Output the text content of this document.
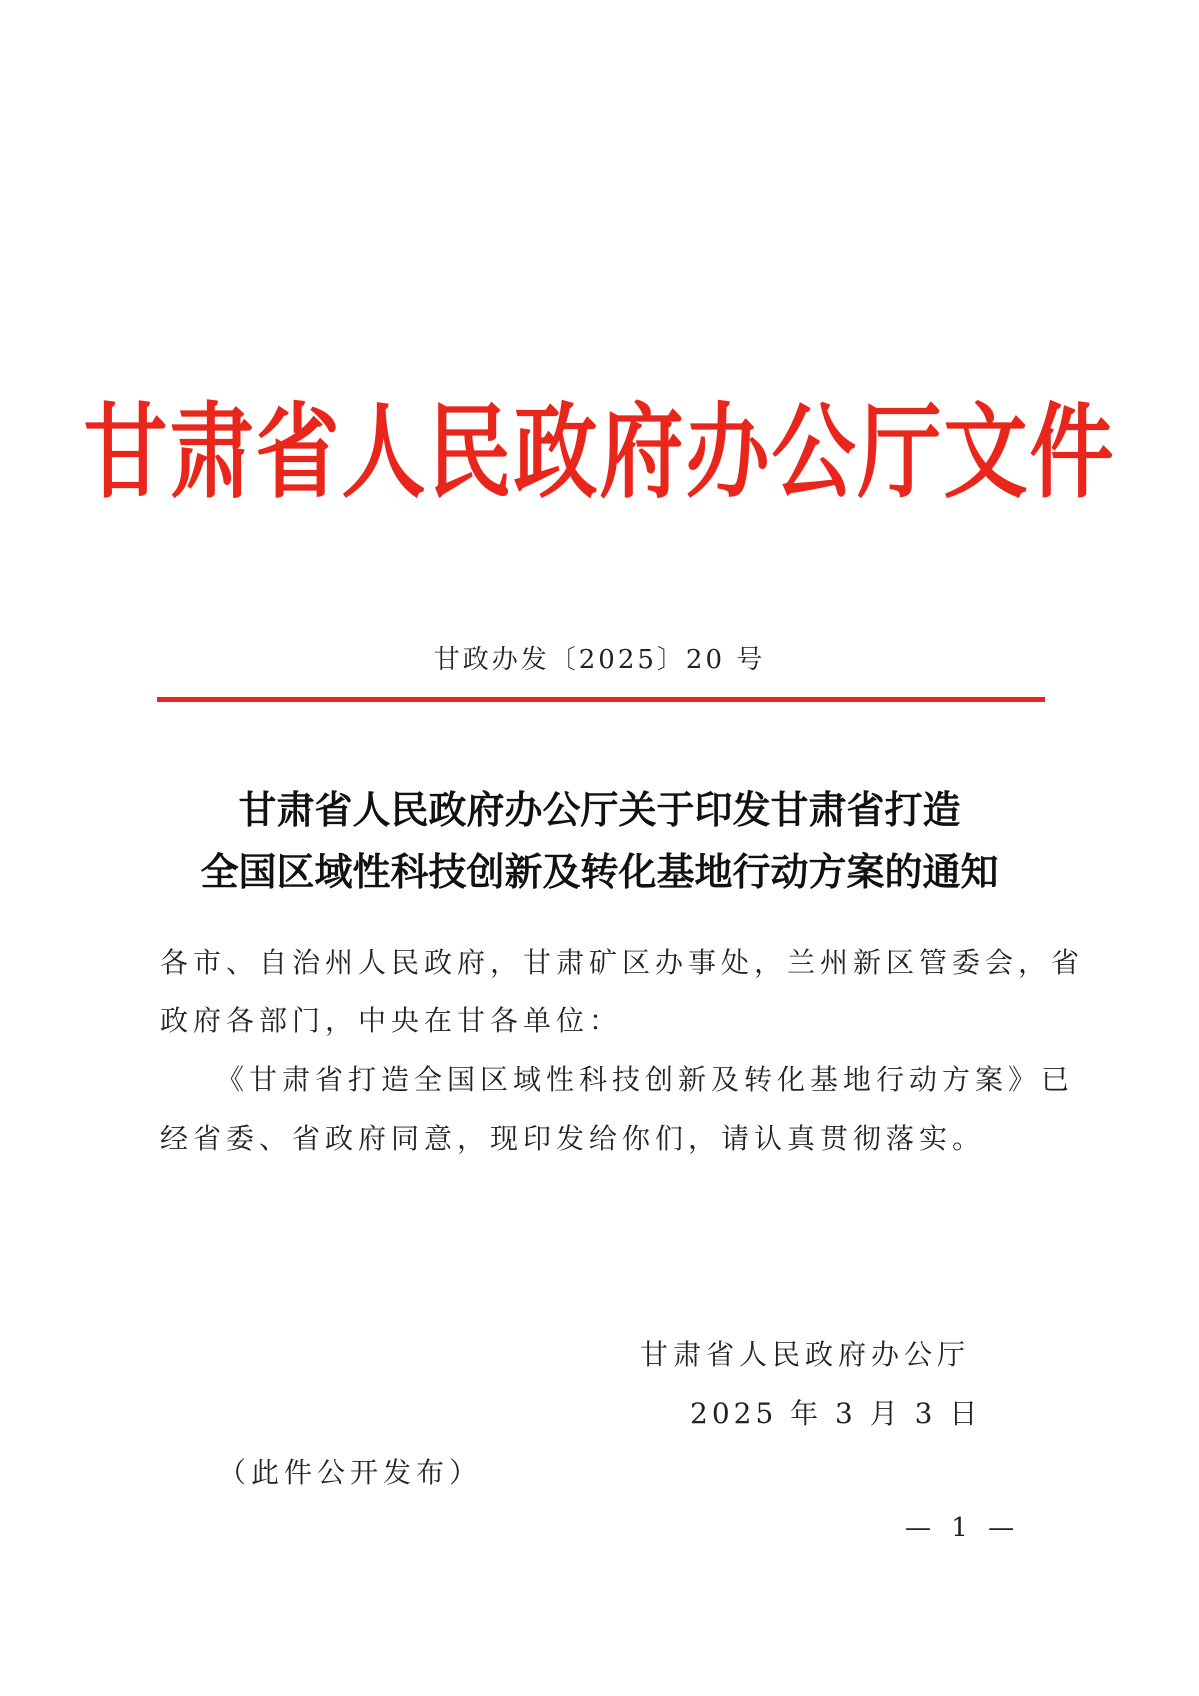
甘肃省人民政府办公厅文件
甘政办发〔2025〕20 号
甘肃省人民政府办公厅关于印发甘肃省打造
全国区域性科技创新及转化基地行动方案的通知

各市、自治州人民政府，甘肃矿区办事处，兰州新区管委会，省

政府各部门，中央在甘各单位：

《甘肃省打造全国区域性科技创新及转化基地行动方案》已

经省委、省政府同意，现印发给你们，请认真贯彻落实。

甘肃省人民政府办公厅

2025 年 3 月 3 日

（此件公开发布）

— 1 —
